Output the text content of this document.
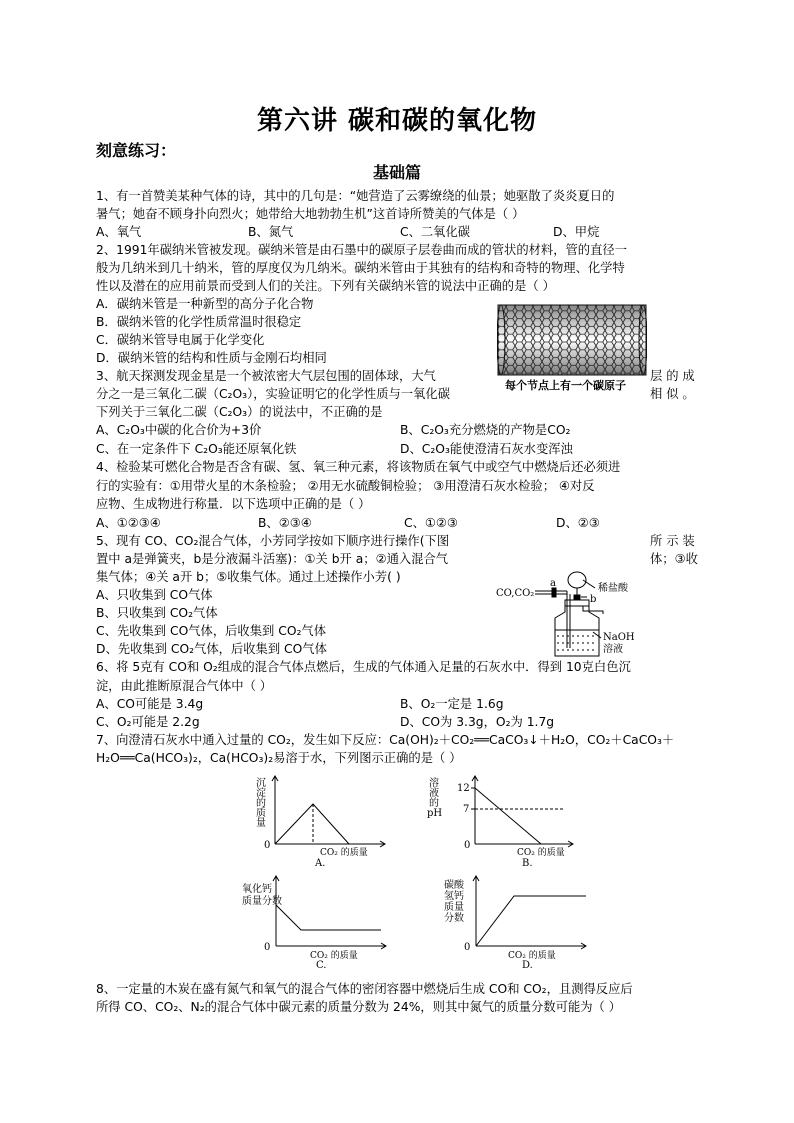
第六讲 碳和碳的氧化物
刻意练习：
基础篇
1、有一首赞美某种气体的诗，其中的几句是：“她营造了云雾缭绕的仙景；她驱散了炎炎夏日的
暑气；她奋不顾身扑向烈火；她带给大地勃勃生机”这首诗所赞美的气体是（ ）
A、氧气	B、氮气	C、二氧化碳	D、甲烷
2、1991年碳纳米管被发现。碳纳米管是由石墨中的碳原子层卷曲而成的管状的材料，管的直径一
般为几纳米到几十纳米，管的厚度仅为几纳米。碳纳米管由于其独有的结构和奇特的物理、化学特
性以及潜在的应用前景而受到人们的关注。下列有关碳纳米管的说法中正确的是（ ）
A．碳纳米管是一种新型的高分子化合物
B．碳纳米管的化学性质常温时很稳定
C．碳纳米管导电属于化学变化
D．碳纳米管的结构和性质与金刚石均相同
每个节点上有一个碳原子
3、航天探测发现金星是一个被浓密大气层包围的固体球，大气	层 的 成
分之一是三氧化二碳（C₂O₃），实验证明它的化学性质与一氧化碳	相 似 。
下列关于三氧化二碳（C₂O₃）的说法中，不正确的是
A、C₂O₃中碳的化合价为+3价	B、C₂O₃充分燃烧的产物是CO₂
C、在一定条件下 C₂O₃能还原氧化铁	D、C₂O₃能使澄清石灰水变浑浊
4、检验某可燃化合物是否含有碳、氢、氧三种元素，将该物质在氧气中或空气中燃烧后还必须进
行的实验有：①用带火星的木条检验； ②用无水硫酸铜检验； ③用澄清石灰水检验； ④对反
应物、生成物进行称量．以下选项中正确的是（ ）
A、①②③④	B、②③④	C、①②③	D、②③
5、现有 CO、CO₂混合气体，小芳同学按如下顺序进行操作(下图	所 示 装
置中 a是弹簧夹，b是分液漏斗活塞)：①关 b开 a；②通入混合气	体；③收
集气体；④关 a开 b；⑤收集气体。通过上述操作小芳( )
A、只收集到 CO气体
B、只收集到 CO₂气体
C、先收集到 CO气体，后收集到 CO₂气体
D、先收集到 CO₂气体，后收集到 CO气体
稀盐酸
CO,CO₂
a
b
NaOH
溶液
6、将 5克有 CO和 O₂组成的混合气体点燃后，生成的气体通入足量的石灰水中．得到 10克白色沉
淀，由此推断原混合气体中（ ）
A、CO可能是 3.4g	B、O₂一定是 1.6g
C、O₂可能是 2.2g	D、CO为 3.3g，O₂为 1.7g
7、向澄清石灰水中通入过量的 CO₂，发生如下反应：Ca(OH)₂＋CO₂══CaCO₃↓＋H₂O，CO₂＋CaCO₃＋
H₂O══Ca(HCO₃)₂，Ca(HCO₃)₂易溶于水，下列图示正确的是（ ）
沉
淀
的
质
量
0
CO₂ 的质量
A.
溶
液
的
pH
12
7
0
CO₂ 的质量
B.
氧化钙
质量分数
0
CO₂ 的质量
C.
碳酸
氢钙
质量
分数
0
CO₂ 的质量
D.
8、一定量的木炭在盛有氮气和氧气的混合气体的密闭容器中燃烧后生成 CO和 CO₂，且测得反应后
所得 CO、CO₂、N₂的混合气体中碳元素的质量分数为 24%，则其中氮气的质量分数可能为（ ）
